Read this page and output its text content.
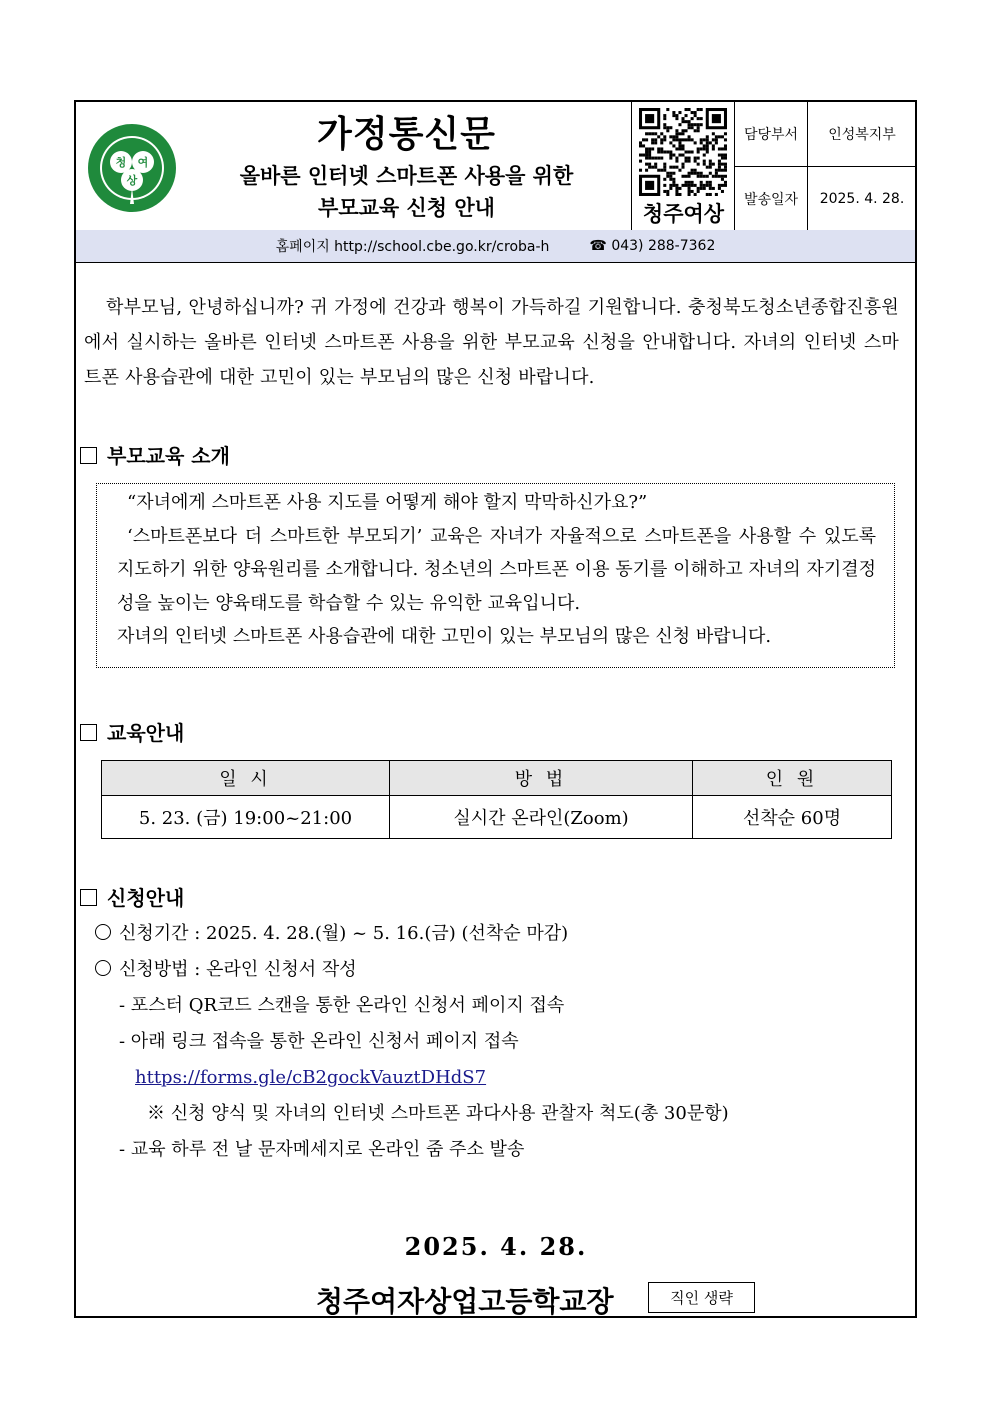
청 여
상
가정통신문
올바른 인터넷 스마트폰 사용을 위한
부모교육 신청 안내	청주여상
담당부서	인성복지부
발송일자	2025. 4. 28.
홈페이지 http://school.cbe.go.kr/croba-h	☎ 043) 288-7362
학부모님, 안녕하십니까? 귀 가정에 건강과 행복이 가득하길 기원합니다. 충청북도청소년종합진흥원에서 실시하는 올바른 인터넷 스마트폰 사용을 위한 부모교육 신청을 안내합니다. 자녀의 인터넷 스마트폰 사용습관에 대한 고민이 있는 부모님의 많은 신청 바랍니다.
부모교육 소개

“자녀에게 스마트폰 사용 지도를 어떻게 해야 할지 막막하신가요?”

‘스마트폰보다 더 스마트한 부모되기’ 교육은 자녀가 자율적으로 스마트폰을 사용할 수 있도록 지도하기 위한 양육원리를 소개합니다. 청소년의 스마트폰 이용 동기를 이해하고 자녀의 자기결정성을 높이는 양육태도를 학습할 수 있는 유익한 교육입니다.

자녀의 인터넷 스마트폰 사용습관에 대한 고민이 있는 부모님의 많은 신청 바랍니다.

교육안내
일 시	방 법	인 원
5. 23. (금) 19:00~21:00	실시간 온라인(Zoom)	선착순 60명
신청안내
신청기간 : 2025. 4. 28.(월) ~ 5. 16.(금) (선착순 마감)
신청방법 : 온라인 신청서 작성
- 포스터 QR코드 스캔을 통한 온라인 신청서 페이지 접속
- 아래 링크 접속을 통한 온라인 신청서 페이지 접속
https://forms.gle/cB2gockVauztDHdS7
※ 신청 양식 및 자녀의 인터넷 스마트폰 과다사용 관찰자 척도(총 30문항)
- 교육 하루 전 날 문자메세지로 온라인 줌 주소 발송
2025. 4. 28.
청주여자상업고등학교장	직인 생략
